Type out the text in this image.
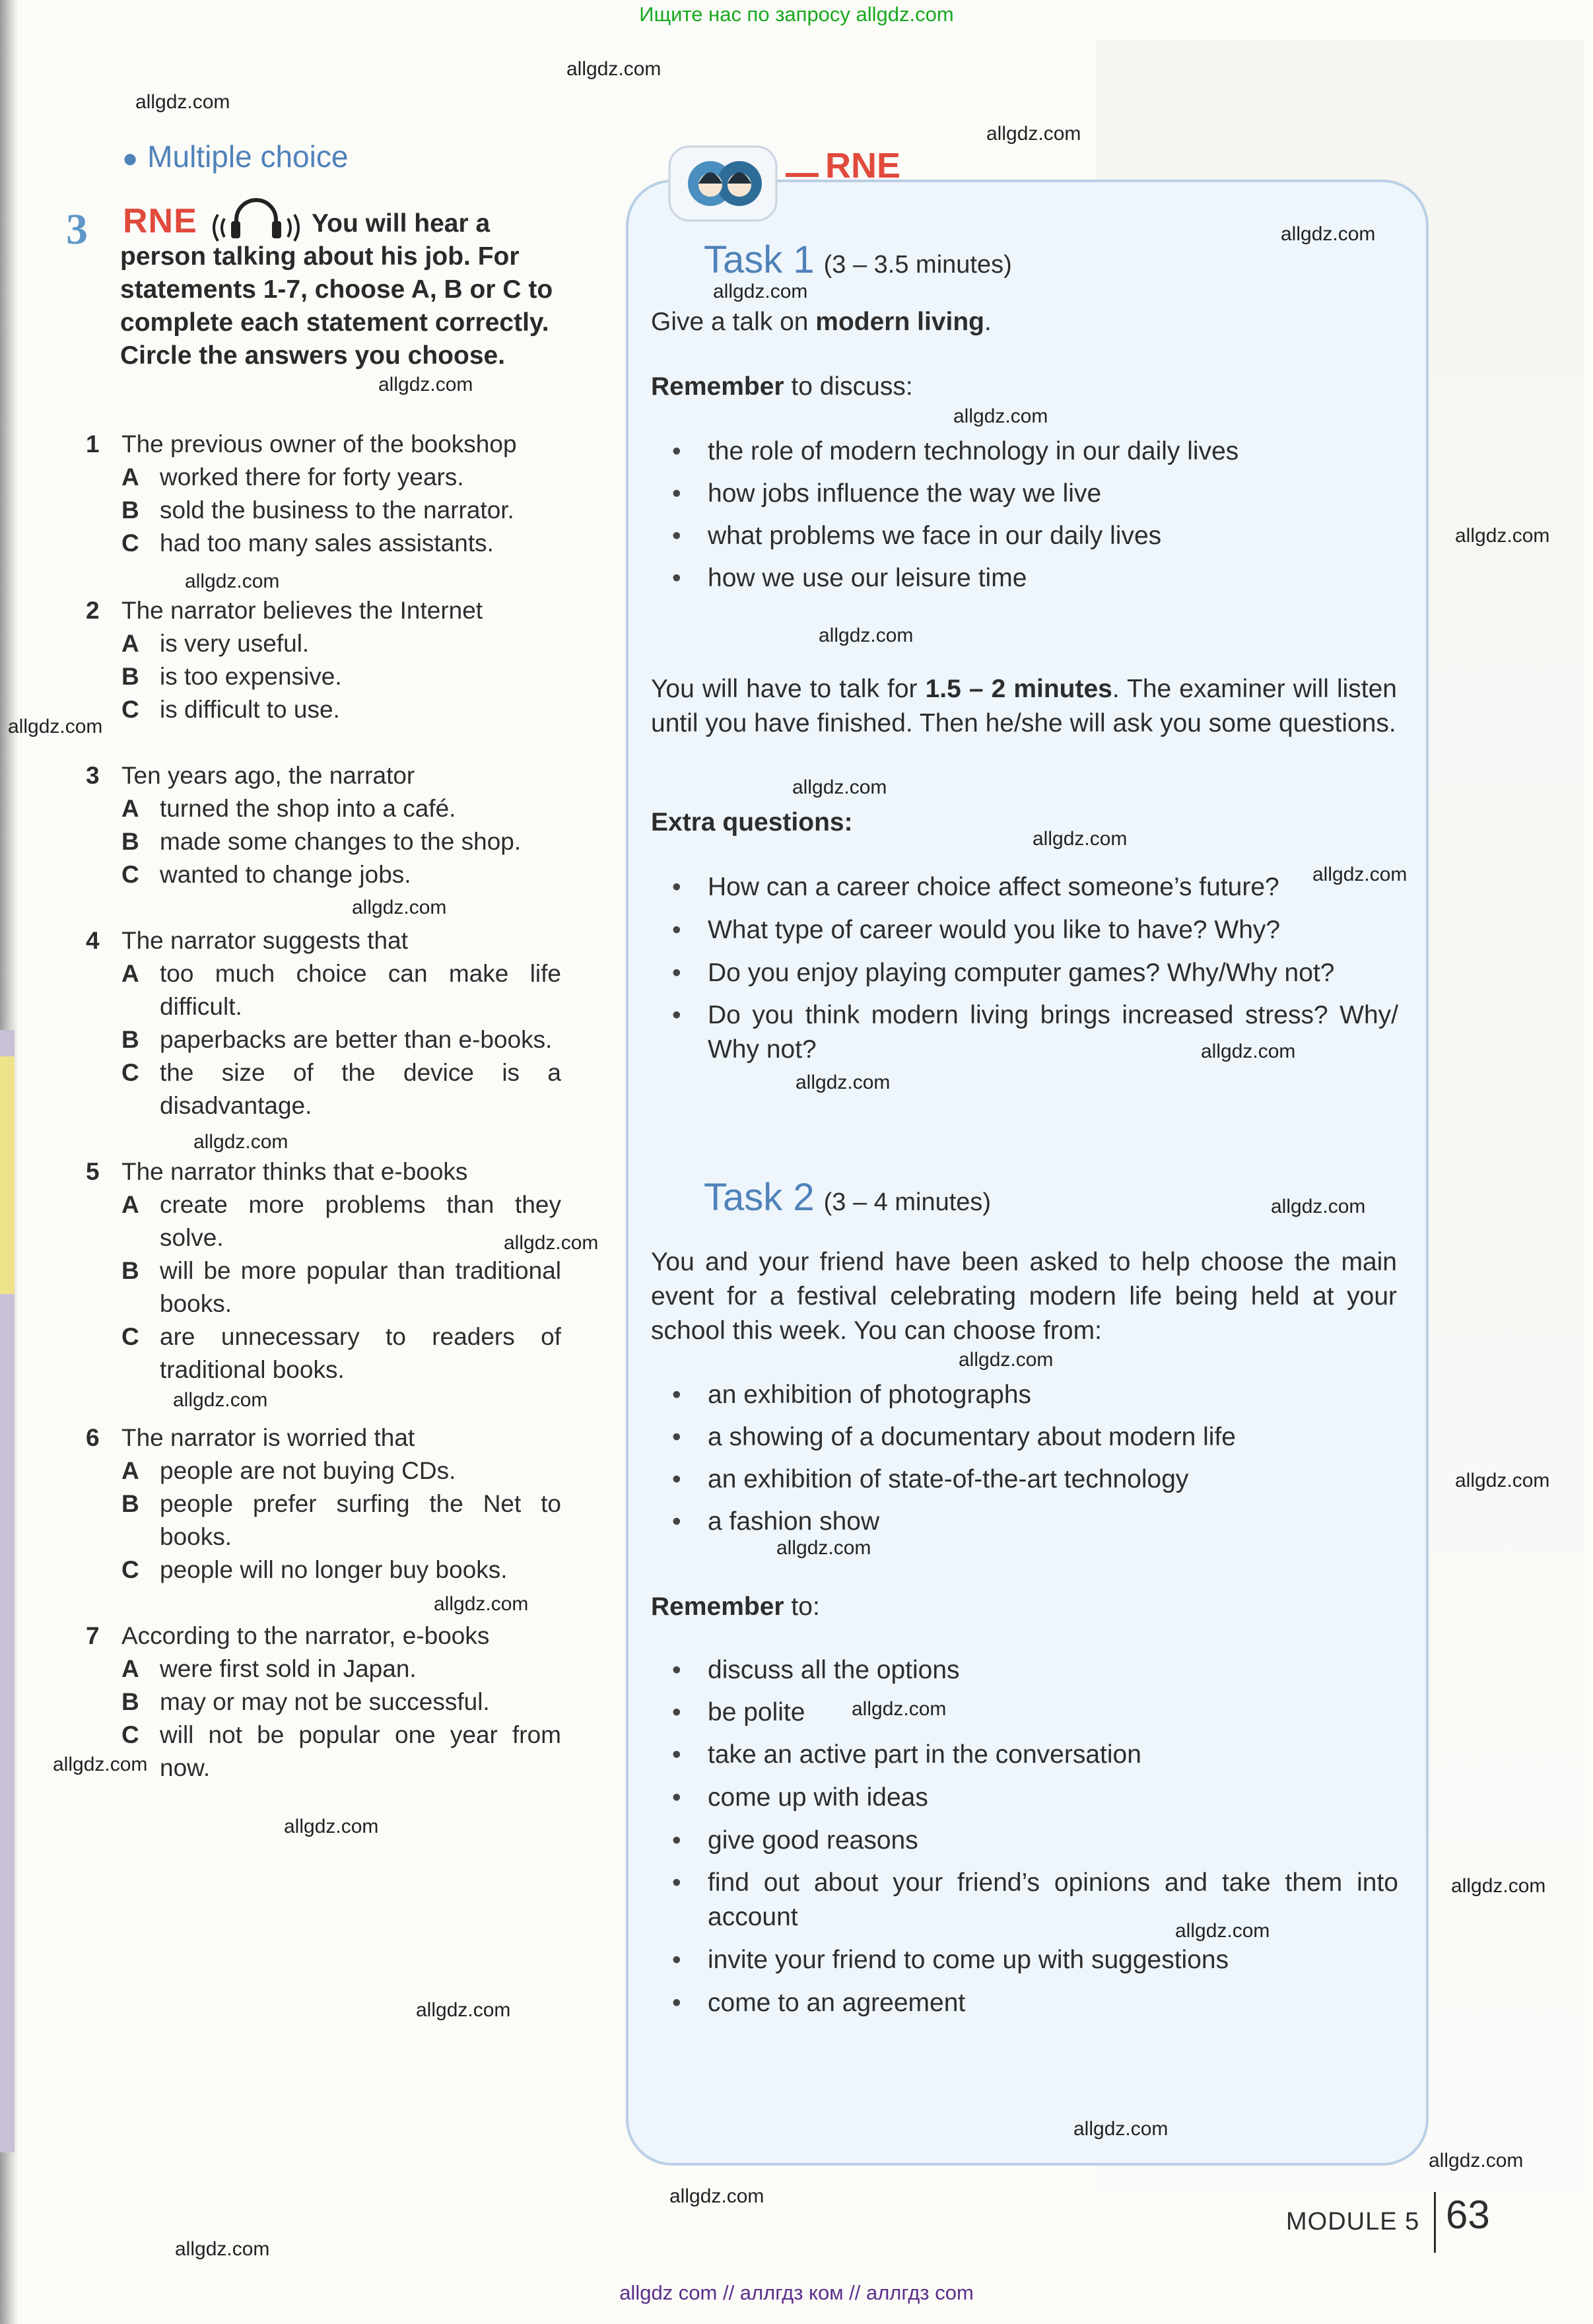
Ищите нас по запросу allgdz.com
● Multiple choice
3 RNE	You will hear a person talking about his job. For statements 1-7, choose A, B or C to complete each statement correctly. Circle the answers you choose.
1 The previous owner of the bookshop
A worked there for forty years.
B sold the business to the narrator.
C had too many sales assistants.
2 The narrator believes the Internet
A is very useful.
B is too expensive.
C is difficult to use.
3 Ten years ago, the narrator
A turned the shop into a café.
B made some changes to the shop.
C wanted to change jobs.
4 The narrator suggests that
A too much choice can make life difficult.
B paperbacks are better than e-books.
C the size of the device is a disadvantage.
5 The narrator thinks that e-books
A create more problems than they solve.
B will be more popular than traditional books.
C are unnecessary to readers of traditional books.
6 The narrator is worried that
A people are not buying CDs.
B people prefer surfing the Net to books.
C people will no longer buy books.
7 According to the narrator, e-books
A were first sold in Japan.
B may or may not be successful.
C will not be popular one year from now.
RNE
Task 1 (3 – 3.5 minutes)
Give a talk on modern living.
Remember to discuss:
•	the role of modern technology in our daily lives
•	how jobs influence the way we live
•	what problems we face in our daily lives
•	how we use our leisure time
You will have to talk for 1.5 – 2 minutes. The examiner will listen until you have finished. Then he/she will ask you some questions.
Extra questions:
•	How can a career choice affect someone’s future?
•	What type of career would you like to have? Why?
•	Do you enjoy playing computer games? Why/Why not?
•	Do you think modern living brings increased stress? Why/ Why not?
Task 2 (3 – 4 minutes)
You and your friend have been asked to help choose the main event for a festival celebrating modern life being held at your school this week. You can choose from:
•	an exhibition of photographs
•	a showing of a documentary about modern life
•	an exhibition of state-of-the-art technology
•	a fashion show
Remember to:
•	discuss all the options
•	be polite
•	take an active part in the conversation
•	come up with ideas
•	give good reasons
•	find out about your friend’s opinions and take them into account
•	invite your friend to come up with suggestions
•	come to an agreement
MODULE 5 63
allgdz.com
allgdz.com
allgdz.com
allgdz.com
allgdz.com
allgdz.com
allgdz.com
allgdz.com
allgdz.com
allgdz.com
allgdz.com
allgdz.com
allgdz.com
allgdz.com
allgdz.com
allgdz.com
allgdz.com
allgdz.com
allgdz.com
allgdz.com
allgdz.com
allgdz.com
allgdz.com
allgdz.com
allgdz.com
allgdz.com
allgdz.com
allgdz.com
allgdz.com
allgdz.com
allgdz.com
allgdz.com
allgdz.com
allgdz.com
allgdz.com
allgdz com // аллгдз ком // аллгдз com
